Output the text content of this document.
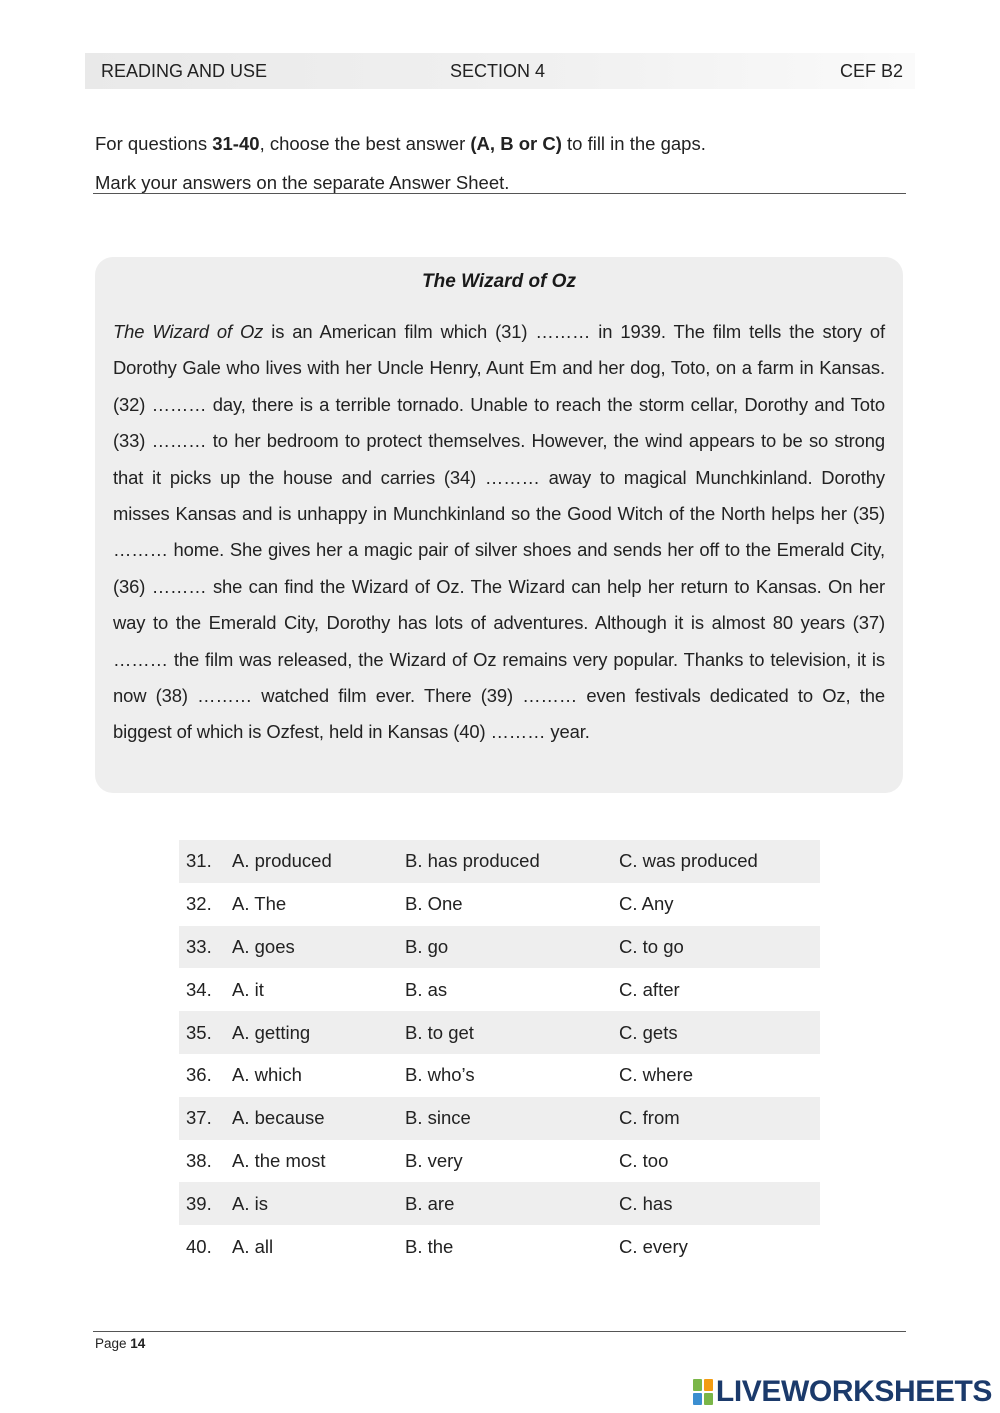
READING AND USE	SECTION 4	CEF B2

For questions 31-40, choose the best answer (A, B or C) to fill in the gaps.

Mark your answers on the separate Answer Sheet.

The Wizard of Oz

The Wizard of Oz is an American film which (31) ……… in 1939. The film tells the story of Dorothy Gale who lives with her Uncle Henry, Aunt Em and her dog, Toto, on a farm in Kansas. (32) ……… day, there is a terrible tornado. Unable to reach the storm cellar, Dorothy and Toto (33) ……… to her bedroom to protect themselves. However, the wind appears to be so strong that it picks up the house and carries (34) ……… away to magical Munchkinland. Dorothy misses Kansas and is unhappy in Munchkinland so the Good Witch of the North helps her (35) ……… home. She gives her a magic pair of silver shoes and sends her off to the Emerald City, (36) ……… she can find the Wizard of Oz. The Wizard can help her return to Kansas. On her way to the Emerald City, Dorothy has lots of adventures. Although it is almost 80 years (37) ……… the film was released, the Wizard of Oz remains very popular. Thanks to television, it is now (38) ……… watched film ever. There (39) ……… even festivals dedicated to Oz, the biggest of which is Ozfest, held in Kansas (40) ……… year.

31.	A. produced	B. has produced	C. was produced
32.	A. The	B. One	C. Any
33.	A. goes	B. go	C. to go
34.	A. it	B. as	C. after
35.	A. getting	B. to get	C. gets
36.	A. which	B. who’s	C. where
37.	A. because	B. since	C. from
38.	A. the most	B. very	C. too
39.	A. is	B. are	C. has
40.	A. all	B. the	C. every
Page 14
LIVEWORKSHEETS
